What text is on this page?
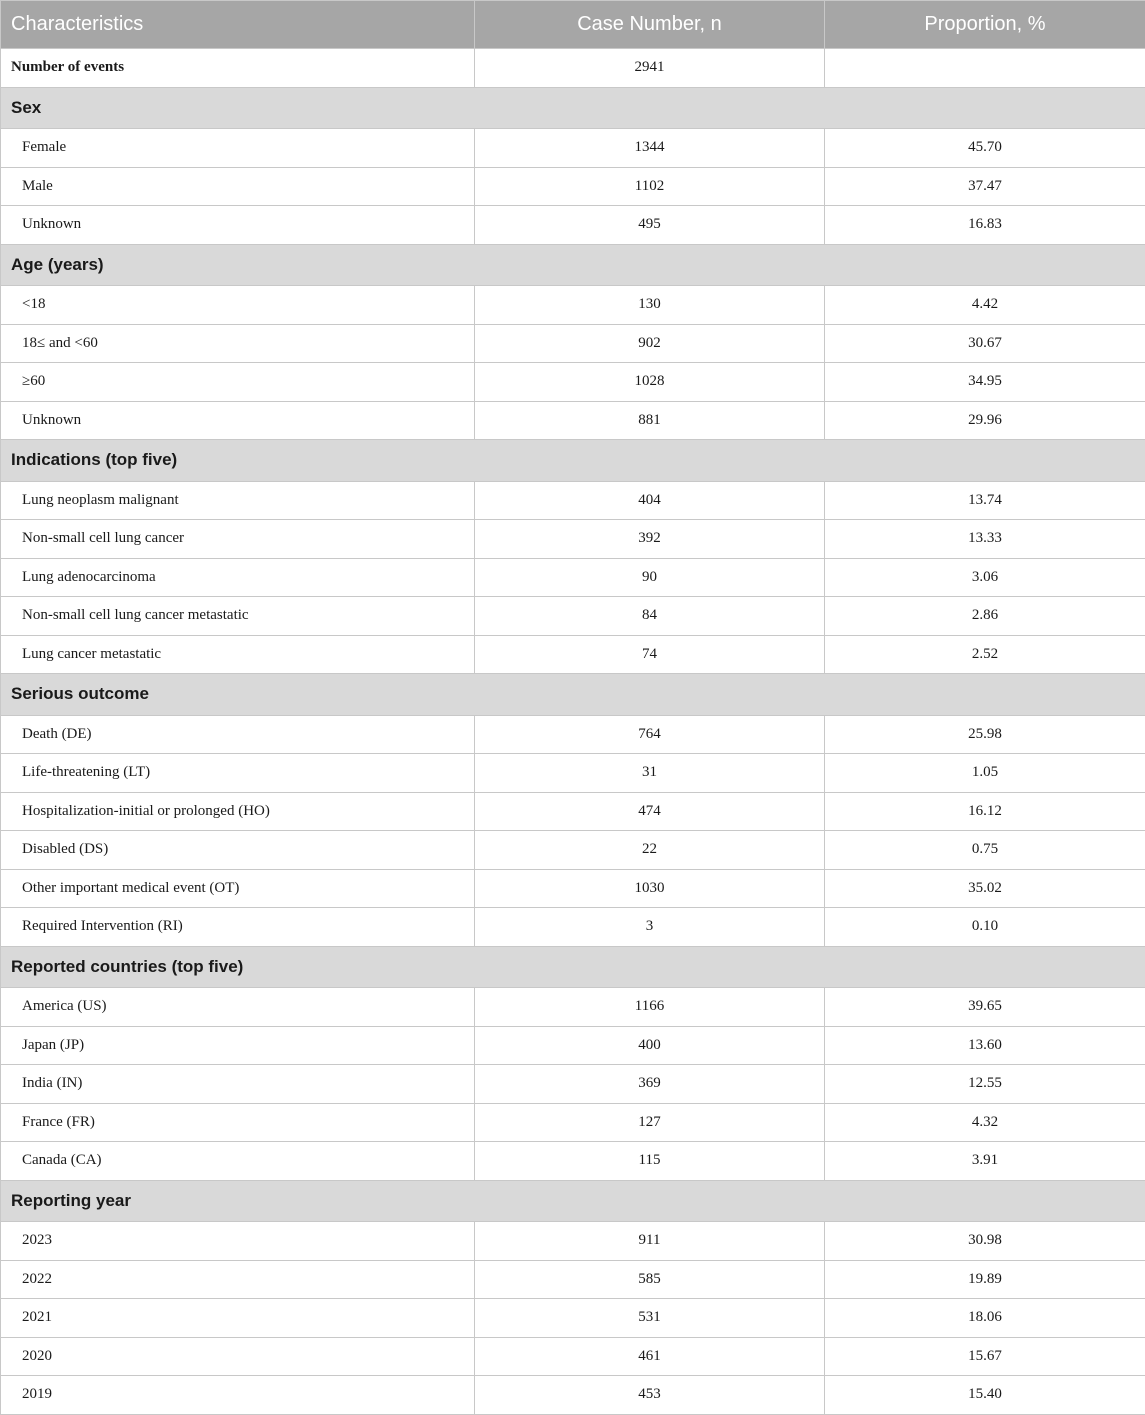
Characteristics	Case Number, n	Proportion, %
Number of events	2941	
Sex		
Female	1344	45.70
Male	1102	37.47
Unknown	495	16.83
Age (years)		
<18	130	4.42
18≤ and <60	902	30.67
≥60	1028	34.95
Unknown	881	29.96
Indications (top five)		
Lung neoplasm malignant	404	13.74
Non-small cell lung cancer	392	13.33
Lung adenocarcinoma	90	3.06
Non-small cell lung cancer metastatic	84	2.86
Lung cancer metastatic	74	2.52
Serious outcome		
Death (DE)	764	25.98
Life-threatening (LT)	31	1.05
Hospitalization-initial or prolonged (HO)	474	16.12
Disabled (DS)	22	0.75
Other important medical event (OT)	1030	35.02
Required Intervention (RI)	3	0.10
Reported countries (top five)		
America (US)	1166	39.65
Japan (JP)	400	13.60
India (IN)	369	12.55
France (FR)	127	4.32
Canada (CA)	115	3.91
Reporting year		
2023	911	30.98
2022	585	19.89
2021	531	18.06
2020	461	15.67
2019	453	15.40
